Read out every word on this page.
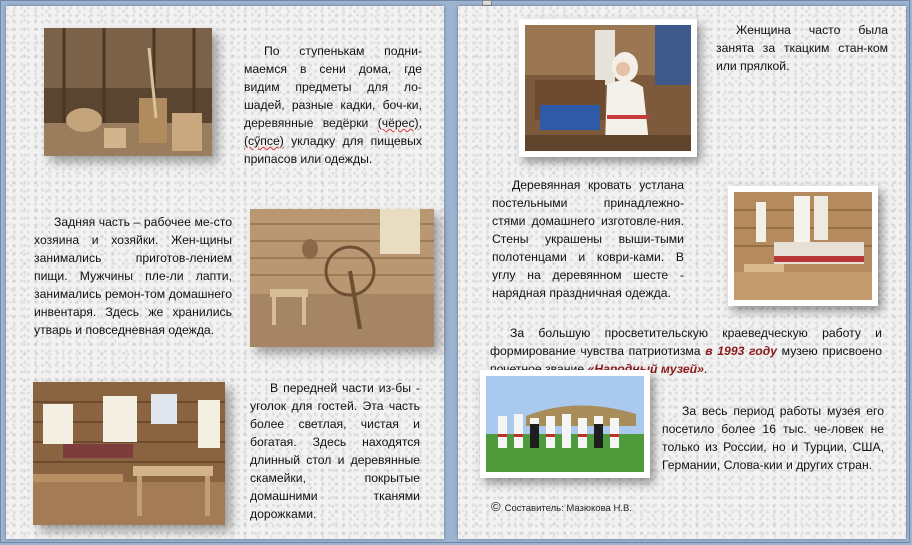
По ступенькам подни-маемся в сени дома, где видим предметы для ло-шадей, разные кадки, боч-ки, деревянные ведёрки (чёрес), (сӳпсе) укладку для пищевых припасов или одежды.

Задняя часть – рабочее ме-сто хозяина и хозяйки. Жен-щины занимались приготов-лением пищи. Мужчины пле-ли лапти, занимались ремон-том домашнего инвентаря. Здесь же хранились утварь и повседневная одежда.

В передней части из-бы - уголок для гостей. Эта часть более светлая, чистая и богатая. Здесь находятся длинный стол и деревянные скамейки, покрытые домашними тканями дорожками.

Женщина часто была занята за ткацким стан-ком или прялкой.

Деревянная кровать устлана постельными принадлежно-стями домашнего изготовле-ния. Стены украшены выши-тыми полотенцами и коври-ками. В углу на деревянном шесте - нарядная праздничная одежда.

За большую просветительскую краеведческую работу и формирование чувства патриотизма в 1993 году музею присвоено почетное звание «Народный музей».

За весь период работы музея его посетило более 16 тыс. че-ловек не только из России, но и Турции, США, Германии, Слова-кии и других стран.

© Составитель: Мазюкова Н.В.
